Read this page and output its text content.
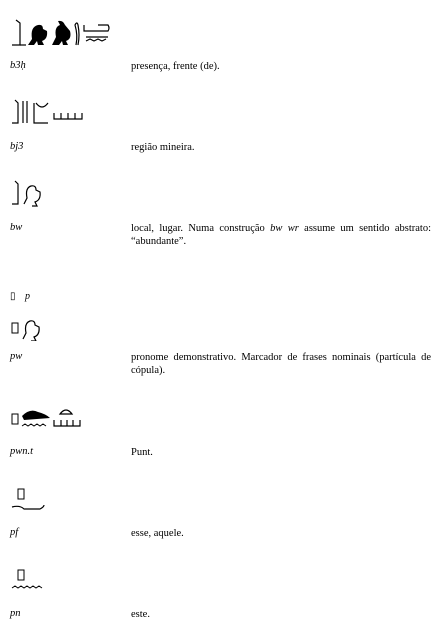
b3ḥ	presença, frente (de).
bj3	região mineira.
bw	local, lugar. Numa construção bw wr assume um sentido abstrato: “abundante”.
▯ p
pw	pronome demonstrativo. Marcador de frases nominais (partícula de cópula).
pwn.t	Punt.
pf	esse, aquele.
pn	este.
